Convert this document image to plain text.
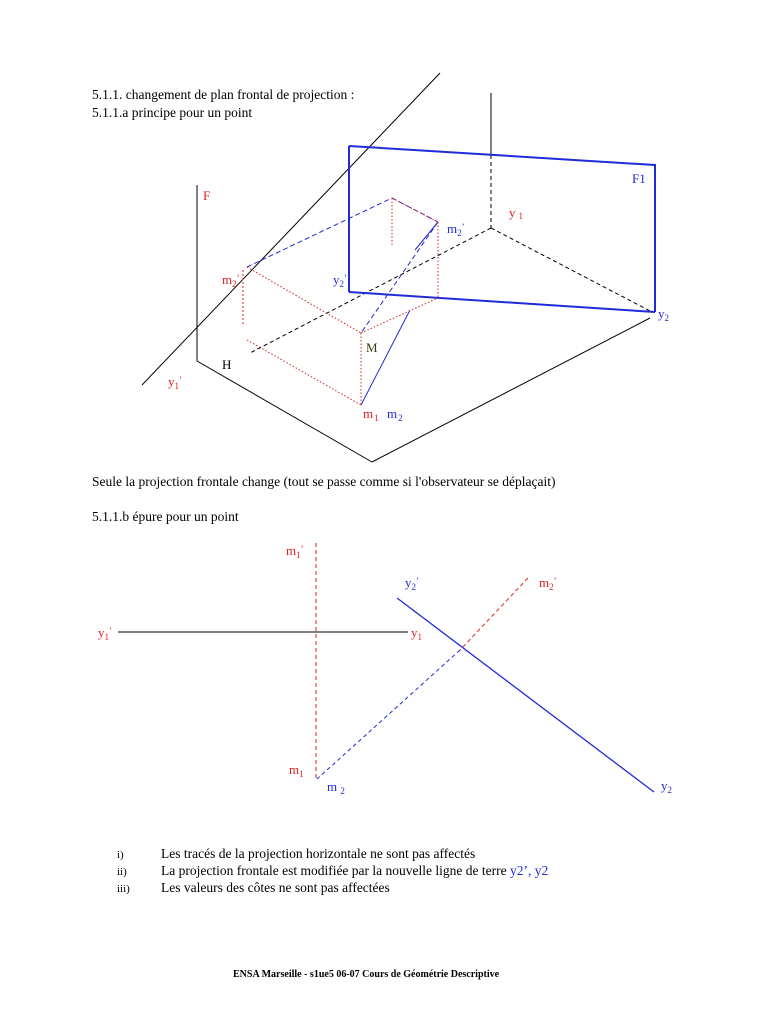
5.1.1. changement de plan frontal de projection :
5.1.1.a principe pour un point
F
F1
H
M
y 1
$y_1^’$
$y_2$
$y_2^’$
$m_2^’$
$m_2^’$
$m_1$ $m_2$
Seule la projection frontale change (tout se passe comme si l'observateur se déplaçait)
5.1.1.b épure pour un point
$m_1^’$
$y_2^’$	$m_2^’$
$y_1^’$	$y_1$
$m_1$
m $_2$	$y_2$
i)	Les tracés de la projection horizontale ne sont pas affectés
ii)	La projection frontale est modifiée par la nouvelle ligne de terre y2’, y2
iii) Les valeurs des côtes ne sont pas affectées
ENSA Marseille - s1ue5 06-07 Cours de Géométrie Descriptive
